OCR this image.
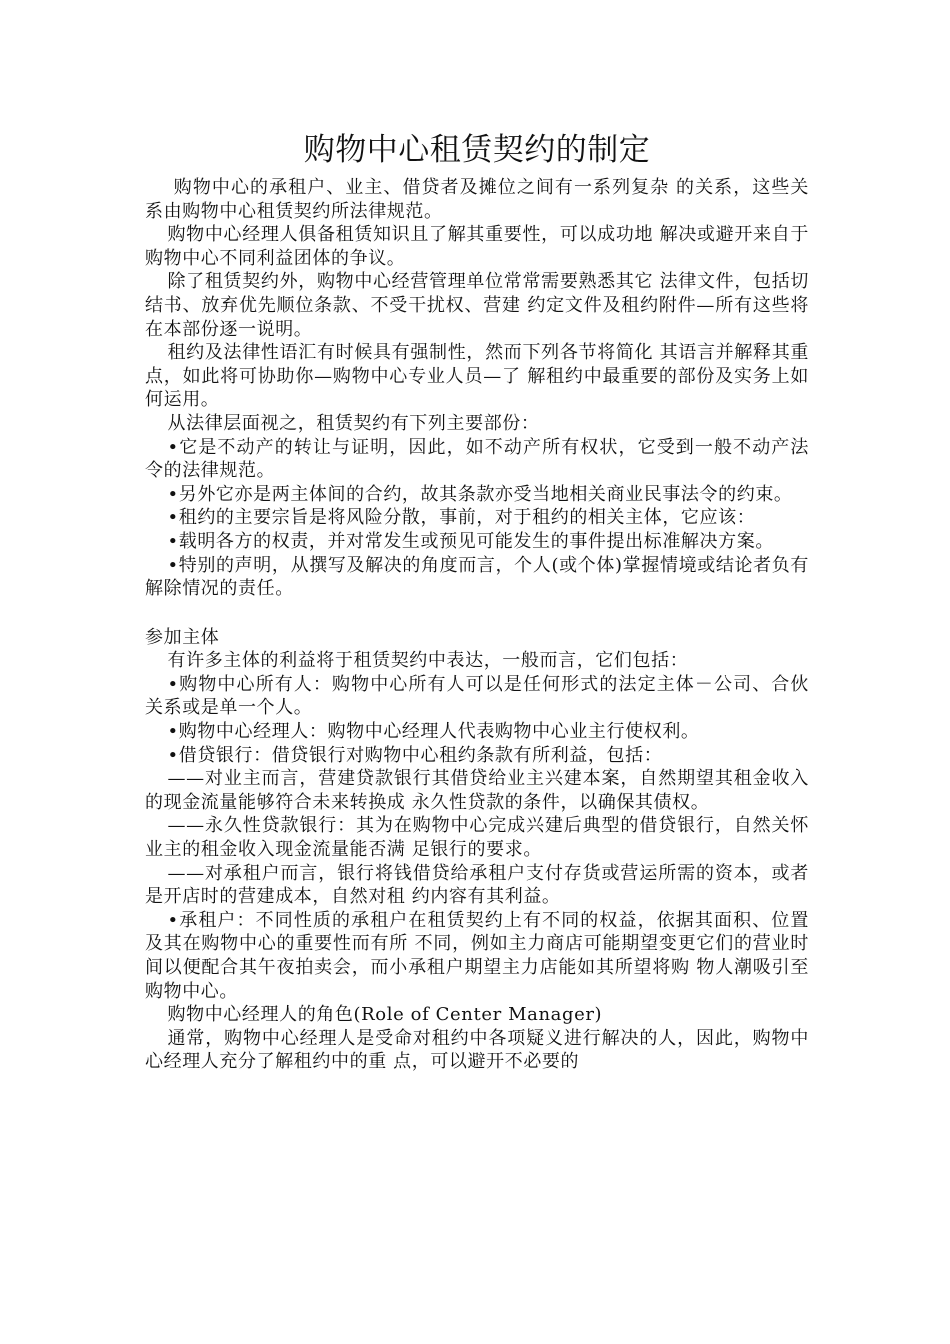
购物中心租赁契约的制定

购物中心的承租户、业主、借贷者及摊位之间有一系列复杂 的关系，这些关系由购物中心租赁契约所法律规范。

购物中心经理人俱备租赁知识且了解其重要性，可以成功地 解决或避开来自于购物中心不同利益团体的争议。

除了租赁契约外，购物中心经营管理单位常常需要熟悉其它 法律文件，包括切结书、放弃优先顺位条款、不受干扰权、营建 约定文件及租约附件—所有这些将在本部份逐一说明。

租约及法律性语汇有时候具有强制性，然而下列各节将简化 其语言并解释其重点，如此将可协助你—购物中心专业人员—了 解租约中最重要的部份及实务上如何运用。

从法律层面视之，租赁契约有下列主要部份：

•它是不动产的转让与证明，因此，如不动产所有权状，它受到一般不动产法令的法律规范。

•另外它亦是两主体间的合约，故其条款亦受当地相关商业民事法令的约束。

•租约的主要宗旨是将风险分散，事前，对于租约的相关主体，它应该：

•载明各方的权责，并对常发生或预见可能发生的事件提出标准解决方案。

•特别的声明，从撰写及解决的角度而言，个人(或个体)掌握情境或结论者负有解除情况的责任。

参加主体

有许多主体的利益将于租赁契约中表达，一般而言，它们包括：

•购物中心所有人：购物中心所有人可以是任何形式的法定主体－公司、合伙关系或是单一个人。

•购物中心经理人：购物中心经理人代表购物中心业主行使权利。

•借贷银行：借贷银行对购物中心租约条款有所利益，包括：

——对业主而言，营建贷款银行其借贷给业主兴建本案，自然期望其租金收入的现金流量能够符合未来转换成 永久性贷款的条件，以确保其债权。

——永久性贷款银行：其为在购物中心完成兴建后典型的借贷银行，自然关怀业主的租金收入现金流量能否满 足银行的要求。

——对承租户而言，银行将钱借贷给承租户支付存货或营运所需的资本，或者是开店时的营建成本，自然对租 约内容有其利益。

•承租户：不同性质的承租户在租赁契约上有不同的权益，依据其面积、位置及其在购物中心的重要性而有所 不同，例如主力商店可能期望变更它们的营业时间以便配合其午夜拍卖会，而小承租户期望主力店能如其所望将购 物人潮吸引至购物中心。

购物中心经理人的角色(Role of Center Manager)

通常，购物中心经理人是受命对租约中各项疑义进行解决的人，因此，购物中心经理人充分了解租约中的重 点，可以避开不必要的
